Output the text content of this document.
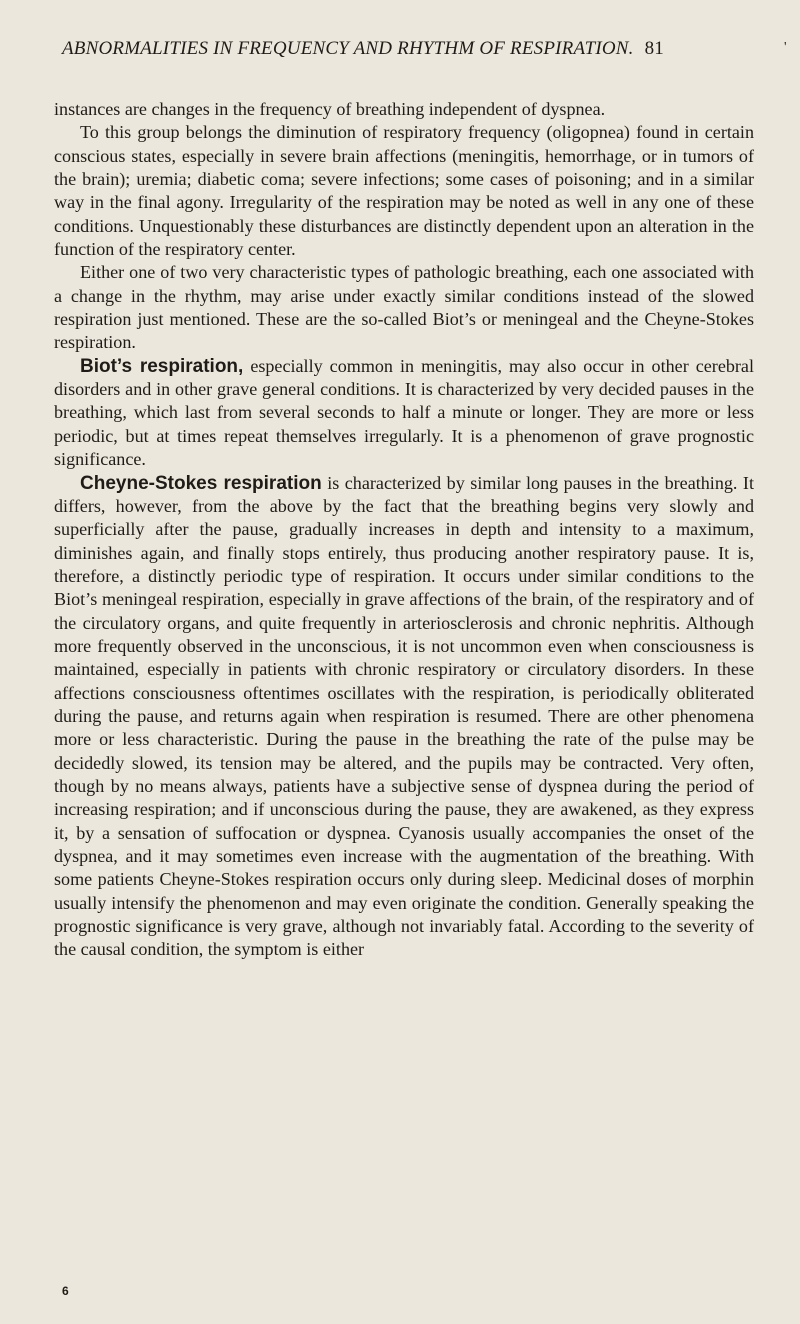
ABNORMALITIES IN FREQUENCY AND RHYTHM OF RESPIRATION. 81	'

instances are changes in the frequency of breathing independent of dyspnea.

To this group belongs the diminution of respiratory frequency (oligopnea) found in certain conscious states, especially in severe brain affections (meningitis, hemorrhage, or in tumors of the brain); uremia; diabetic coma; severe infections; some cases of poisoning; and in a similar way in the final agony. Irregularity of the respiration may be noted as well in any one of these conditions. Unquestionably these disturbances are distinctly dependent upon an alteration in the function of the respiratory center.

Either one of two very characteristic types of pathologic breathing, each one associated with a change in the rhythm, may arise under exactly similar conditions instead of the slowed respiration just mentioned. These are the so-called Biot’s or meningeal and the Cheyne-Stokes respiration.

Biot’s respiration, especially common in meningitis, may also occur in other cerebral disorders and in other grave general conditions. It is characterized by very decided pauses in the breathing, which last from several seconds to half a minute or longer. They are more or less periodic, but at times repeat themselves irregularly. It is a phenomenon of grave prognostic significance.

Cheyne-Stokes respiration is characterized by similar long pauses in the breathing. It differs, however, from the above by the fact that the breathing begins very slowly and superficially after the pause, gradually increases in depth and intensity to a maximum, diminishes again, and finally stops entirely, thus producing another respiratory pause. It is, therefore, a distinctly periodic type of respiration. It occurs under similar conditions to the Biot’s meningeal respiration, especially in grave affections of the brain, of the respiratory and of the circulatory organs, and quite frequently in arteriosclerosis and chronic nephritis. Although more frequently observed in the unconscious, it is not uncommon even when consciousness is maintained, especially in patients with chronic respiratory or circulatory disorders. In these affections consciousness oftentimes oscillates with the respiration, is periodically obliterated during the pause, and returns again when respiration is resumed. There are other phenomena more or less characteristic. During the pause in the breathing the rate of the pulse may be decidedly slowed, its tension may be altered, and the pupils may be contracted. Very often, though by no means always, patients have a subjective sense of dyspnea during the period of increasing respiration; and if unconscious during the pause, they are awakened, as they express it, by a sensation of suffocation or dyspnea. Cyanosis usually accompanies the onset of the dyspnea, and it may sometimes even increase with the augmentation of the breathing. With some patients Cheyne-Stokes respiration occurs only during sleep. Medicinal doses of morphin usually intensify the phenomenon and may even originate the condition. Generally speaking the prognostic significance is very grave, although not invariably fatal. According to the severity of the causal condition, the symptom is either

6
